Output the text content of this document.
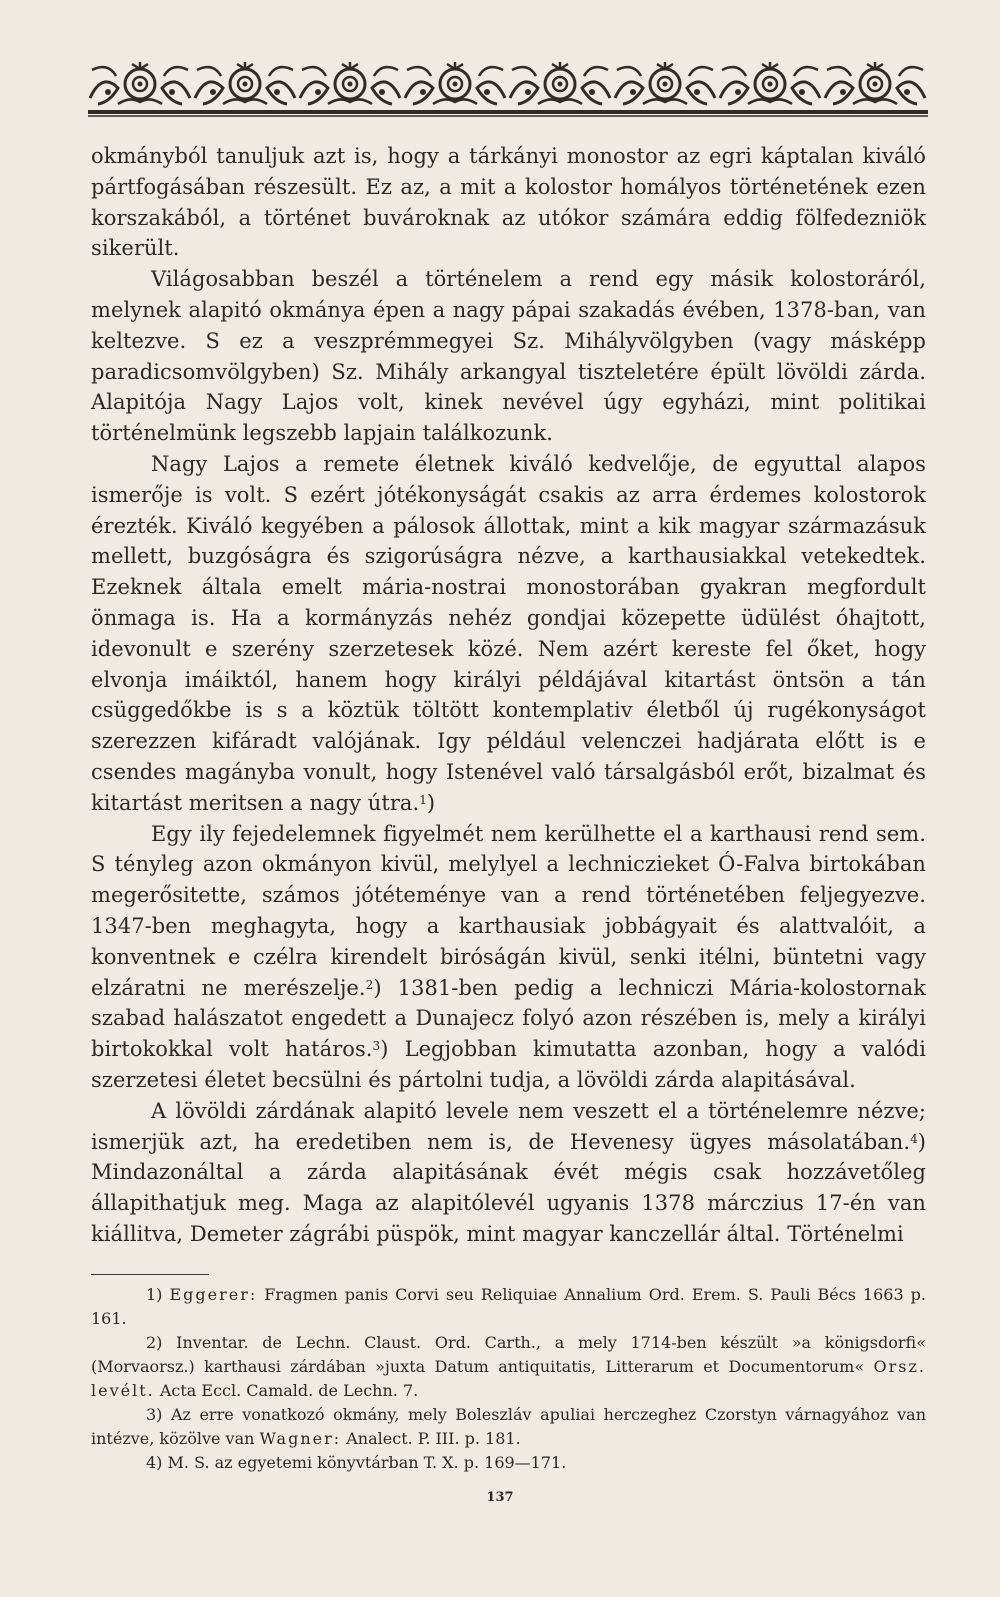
okmányból tanuljuk azt is, hogy a tárkányi monostor az egri káptalan kiváló pártfogásában részesült. Ez az, a mit a kolostor homályos történetének ezen korszakából, a történet buvároknak az utókor számára eddig fölfedezniök sikerült.

Világosabban beszél a történelem a rend egy másik kolostoráról, melynek alapitó okmánya épen a nagy pápai szakadás évében, 1378-ban, van keltezve. S ez a veszprémmegyei Sz. Mihályvölgyben (vagy másképp paradicsomvölgyben) Sz. Mihály arkangyal tiszteletére épült lövöldi zárda. Alapitója Nagy Lajos volt, kinek nevével úgy egyházi, mint politikai történelmünk legszebb lapjain találkozunk.

Nagy Lajos a remete életnek kiváló kedvelője, de egyuttal alapos ismerője is volt. S ezért jótékonyságát csakis az arra érdemes kolostorok érezték. Kiváló kegyében a pálosok állottak, mint a kik magyar származásuk mellett, buzgóságra és szigorúságra nézve, a karthausiakkal vetekedtek. Ezeknek általa emelt mária-nostrai monostorában gyakran megfordult önmaga is. Ha a kormányzás nehéz gondjai közepette üdülést óhajtott, idevonult e szerény szerzetesek közé. Nem azért kereste fel őket, hogy elvonja imáiktól, hanem hogy királyi példájával kitartást öntsön a tán csüggedőkbe is s a köztük töltött kontemplativ életből új rugékonyságot szerezzen kifáradt valójának. Igy például velenczei hadjárata előtt is e csendes magányba vonult, hogy Istenével való társalgásból erőt, bizalmat és kitartást meritsen a nagy útra.$^1$)

Egy ily fejedelemnek figyelmét nem kerülhette el a karthausi rend sem. S tényleg azon okmányon kivül, melylyel a lechniczieket Ó-Falva birtokában megerősitette, számos jótéteménye van a rend történetében feljegyezve. 1347-ben meghagyta, hogy a karthausiak jobbágyait és alattvalóit, a konventnek e czélra kirendelt biróságán kivül, senki itélni, büntetni vagy elzáratni ne merészelje.$^2$) 1381-ben pedig a lechniczi Mária-kolostornak szabad halászatot engedett a Dunajecz folyó azon részében is, mely a királyi birtokokkal volt határos.$^3$) Legjobban kimutatta azonban, hogy a valódi szerzetesi életet becsülni és pártolni tudja, a lövöldi zárda alapitásával.

A lövöldi zárdának alapitó levele nem veszett el a történelemre nézve; ismerjük azt, ha eredetiben nem is, de Hevenesy ügyes másolatában.$^4$) Mindazonáltal a zárda alapitásának évét mégis csak hozzávetőleg állapithatjuk meg. Maga az alapitólevél ugyanis 1378 márczius 17-én van kiállitva, Demeter zágrábi püspök, mint magyar kanczellár által. Történelmi

1) Eggerer: Fragmen panis Corvi seu Reliquiae Annalium Ord. Erem. S. Pauli Bécs 1663 p. 161.

2) Inventar. de Lechn. Claust. Ord. Carth., a mely 1714-ben készült »a königsdorfi« (Morvaorsz.) karthausi zárdában »juxta Datum antiquitatis, Litterarum et Documentorum« Orsz. levélt. Acta Eccl. Camald. de Lechn. 7.

3) Az erre vonatkozó okmány, mely Boleszláv apuliai herczeghez Czorstyn várnagyához van intézve, közölve van Wagner: Analect. P. III. p. 181.

4) M. S. az egyetemi könyvtárban T. X. p. 169—171.

137
